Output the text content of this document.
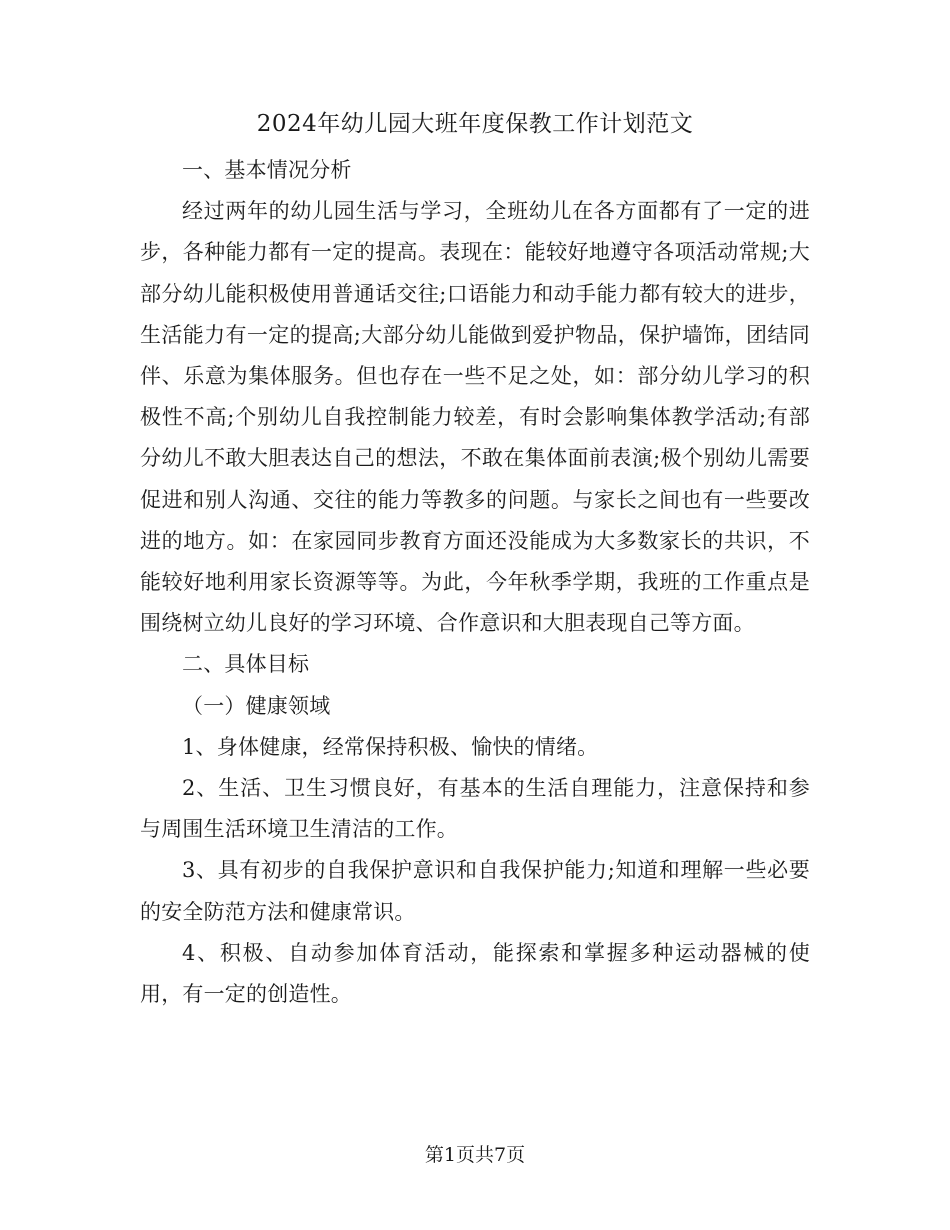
2024年幼儿园大班年度保教工作计划范文

一、基本情况分析

经过两年的幼儿园生活与学习，全班幼儿在各方面都有了一定的进步，各种能力都有一定的提高。表现在：能较好地遵守各项活动常规;大部分幼儿能积极使用普通话交往;口语能力和动手能力都有较大的进步，生活能力有一定的提高;大部分幼儿能做到爱护物品，保护墙饰，团结同伴、乐意为集体服务。但也存在一些不足之处，如：部分幼儿学习的积极性不高;个别幼儿自我控制能力较差，有时会影响集体教学活动;有部分幼儿不敢大胆表达自己的想法，不敢在集体面前表演;极个别幼儿需要促进和别人沟通、交往的能力等教多的问题。与家长之间也有一些要改进的地方。如：在家园同步教育方面还没能成为大多数家长的共识，不能较好地利用家长资源等等。为此，今年秋季学期，我班的工作重点是围绕树立幼儿良好的学习环境、合作意识和大胆表现自己等方面。

二、具体目标

（一）健康领域

1、身体健康，经常保持积极、愉快的情绪。

2、生活、卫生习惯良好，有基本的生活自理能力，注意保持和参与周围生活环境卫生清洁的工作。

3、具有初步的自我保护意识和自我保护能力;知道和理解一些必要的安全防范方法和健康常识。

4、积极、自动参加体育活动，能探索和掌握多种运动器械的使用，有一定的创造性。

第1页共7页
